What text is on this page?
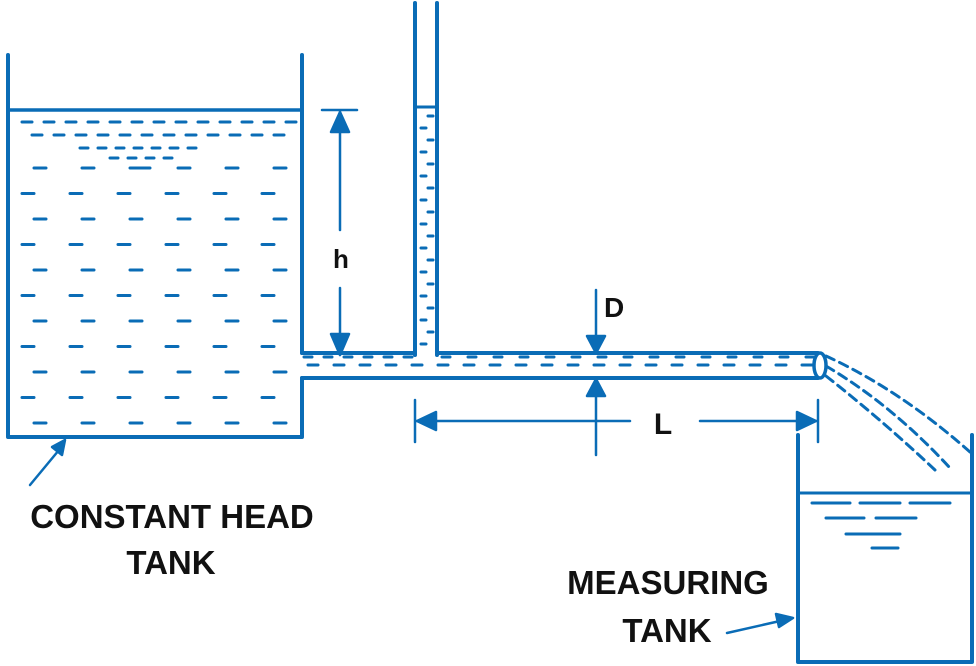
h
D
L
CONSTANT HEAD
TANK
MEASURING
TANK
